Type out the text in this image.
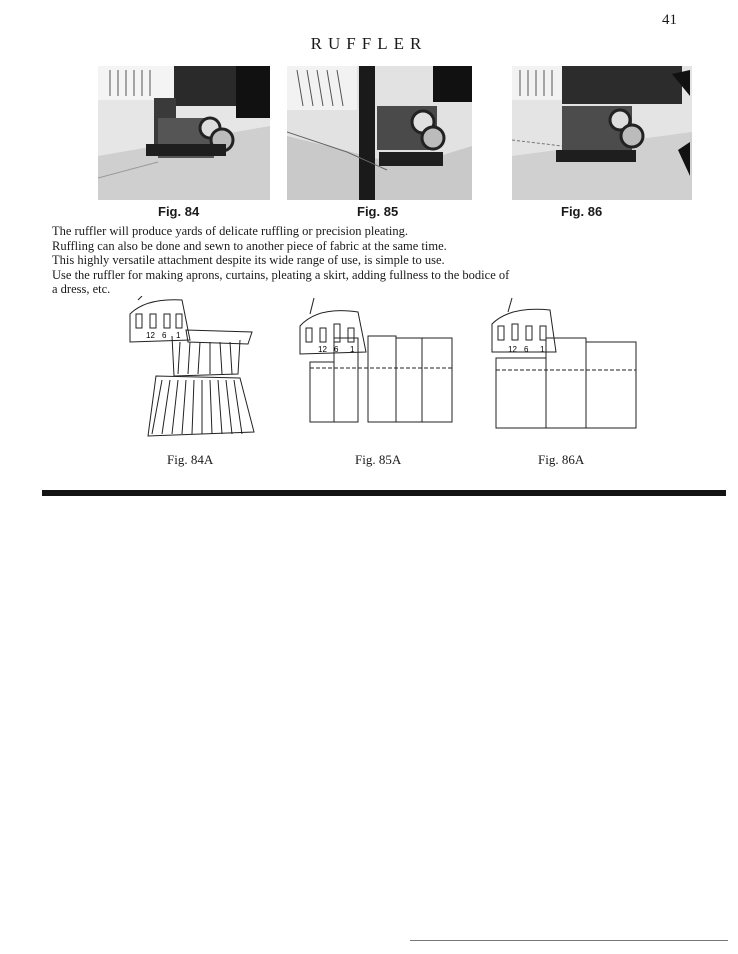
41
RUFFLER
Fig. 84	Fig. 85	Fig. 86

The ruffler will produce yards of delicate ruffling or precision pleating.

Ruffling can also be done and sewn to another piece of fabric at the same time.

This highly versatile attachment despite its wide range of use, is simple to use.

Use the ruffler for making aprons, curtains, pleating a skirt, adding fullness to the bodice of

a dress, etc.

12 6 1
12 6 1	12 6 1
Fig. 84A	Fig. 85A	Fig. 86A
